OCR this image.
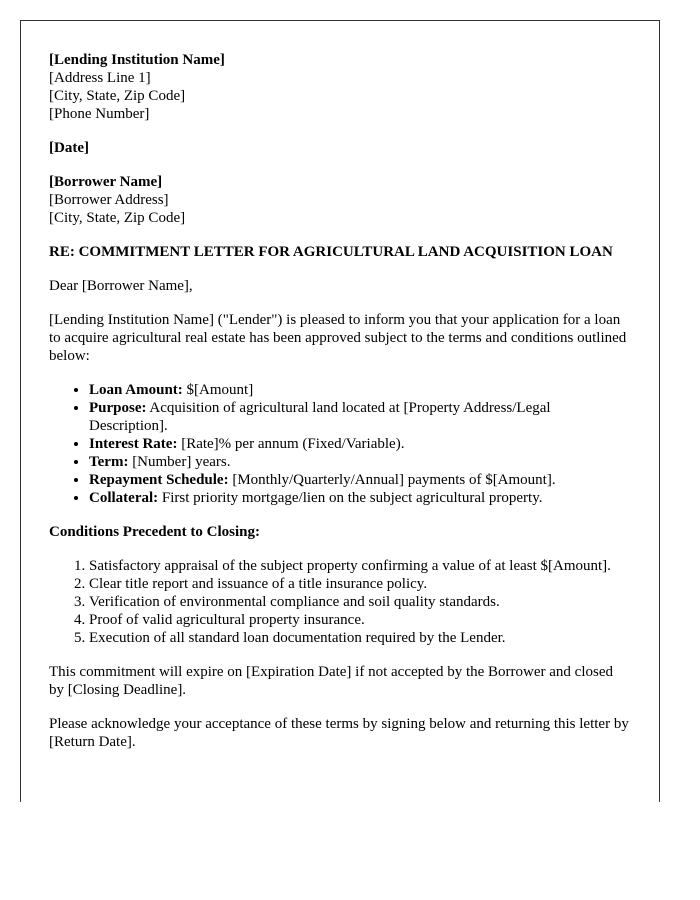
[Lending Institution Name]
[Address Line 1]
[City, State, Zip Code]
[Phone Number]
[Date]
[Borrower Name]
[Borrower Address]
[City, State, Zip Code]
RE: COMMITMENT LETTER FOR AGRICULTURAL LAND ACQUISITION LOAN

Dear [Borrower Name],

[Lending Institution Name] ("Lender") is pleased to inform you that your application for a loan to acquire agricultural real estate has been approved subject to the terms and conditions outlined below:

• Loan Amount: $[Amount]
• Purpose: Acquisition of agricultural land located at [Property Address/Legal Description].
• Interest Rate: [Rate]% per annum (Fixed/Variable).
• Term: [Number] years.
• Repayment Schedule: [Monthly/Quarterly/Annual] payments of $[Amount].
• Collateral: First priority mortgage/lien on the subject agricultural property.
Conditions Precedent to Closing:
1. Satisfactory appraisal of the subject property confirming a value of at least $[Amount].
2. Clear title report and issuance of a title insurance policy.
3. Verification of environmental compliance and soil quality standards.
4. Proof of valid agricultural property insurance.
5. Execution of all standard loan documentation required by the Lender.

This commitment will expire on [Expiration Date] if not accepted by the Borrower and closed by [Closing Deadline].

Please acknowledge your acceptance of these terms by signing below and returning this letter by [Return Date].
